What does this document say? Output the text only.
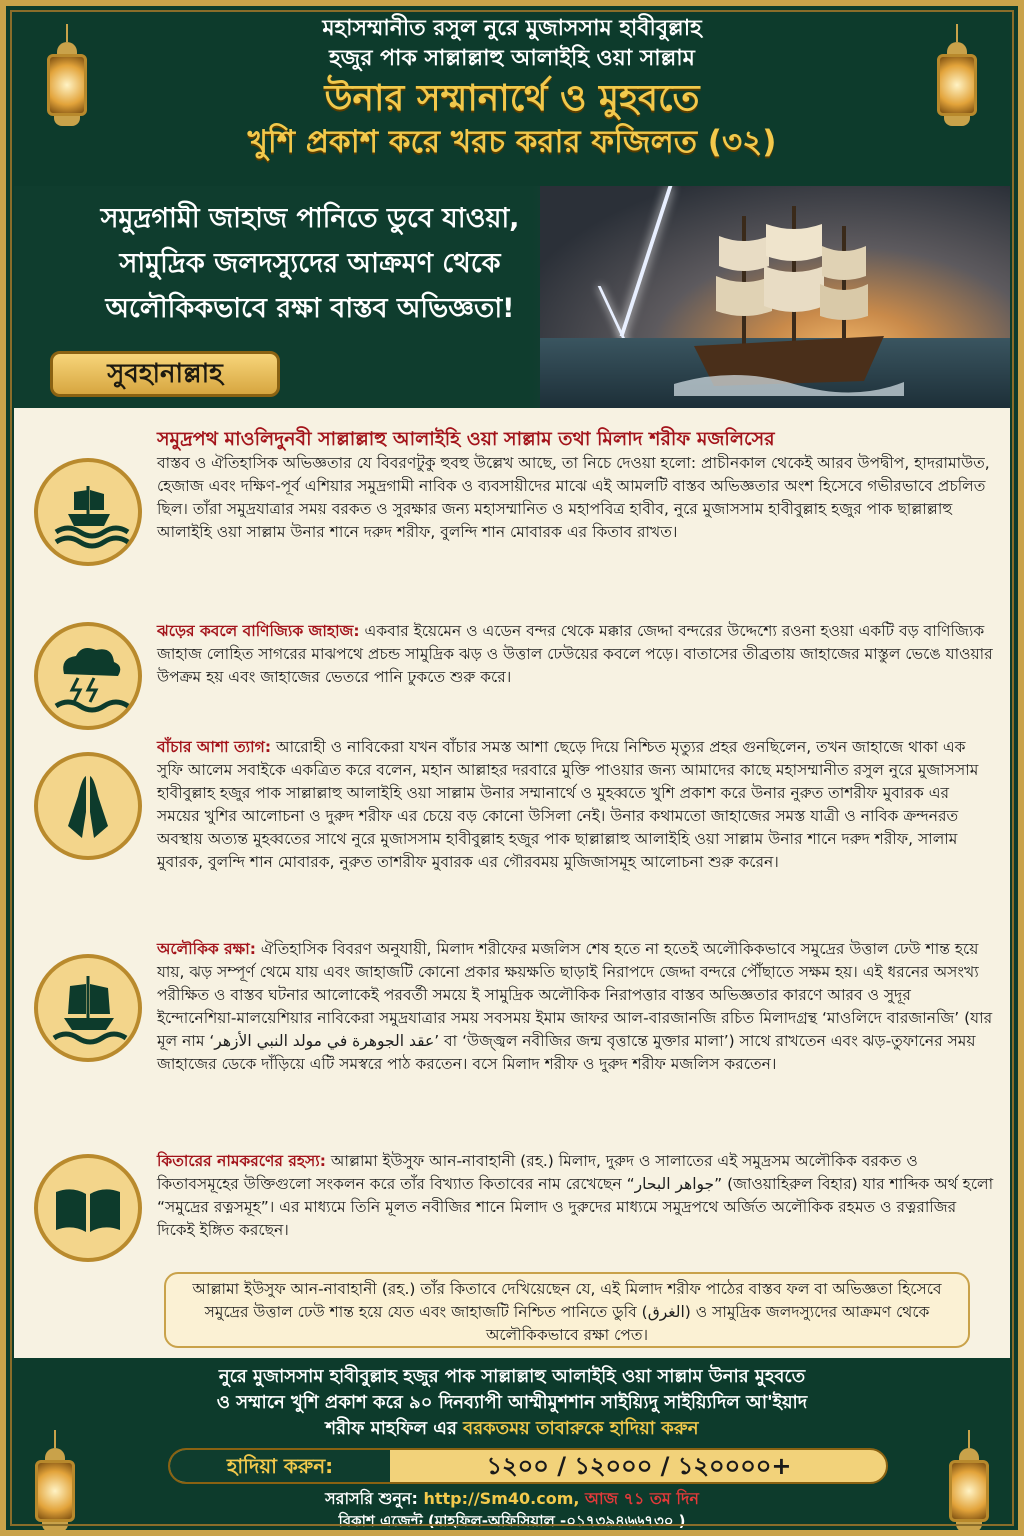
মহাসম্মানীত রসুল নুরে মুজাসসাম হাবীবুল্লাহ
হজুর পাক সাল্লাল্লাহু আলাইহি ওয়া সাল্লাম
উনার সম্মানার্থে ও মুহবতে
খুশি প্রকাশ করে খরচ করার ফজিলত (৩২)
সমুদ্রগামী জাহাজ পানিতে ডুবে যাওয়া,
সামুদ্রিক জলদস্যুদের আক্রমণ থেকে
অলৌকিকভাবে রক্ষা বাস্তব অভিজ্ঞতা!
সুবহানাল্লাহ
সমুদ্রপথ মাওলিদুনবী সাল্লাল্লাহু আলাইহি ওয়া সাল্লাম তথা মিলাদ শরীফ মজলিসের
বাস্তব ও ঐতিহাসিক অভিজ্ঞতার যে বিবরণটুকু হুবহু উল্লেখ আছে, তা নিচে দেওয়া হলো: প্রাচীনকাল থেকেই আরব উপদ্বীপ, হাদরামাউত, হেজাজ এবং দক্ষিণ-পূর্ব এশিয়ার সমুদ্রগামী নাবিক ও ব্যবসায়ীদের মাঝে এই আমলটি বাস্তব অভিজ্ঞতার অংশ হিসেবে গভীরভাবে প্রচলিত ছিল। তাঁরা সমুদ্রযাত্রার সময় বরকত ও সুরক্ষার জন্য মহাসম্মানিত ও মহাপবিত্র হাবীব, নুরে মুজাসসাম হাবীবুল্লাহ হজুর পাক ছাল্লাল্লাহু আলাইহি ওয়া সাল্লাম উনার শানে দরুদ শরীফ, বুলন্দি শান মোবারক এর কিতাব রাখত।
ঝড়ের কবলে বাণিজ্যিক জাহাজ: একবার ইয়েমেন ও এডেন বন্দর থেকে মক্কার জেদ্দা বন্দরের উদ্দেশ্যে রওনা হওয়া একটি বড় বাণিজ্যিক জাহাজ লোহিত সাগরের মাঝপথে প্রচন্ড সামুদ্রিক ঝড় ও উত্তাল ঢেউয়ের কবলে পড়ে। বাতাসের তীব্রতায় জাহাজের মাস্তুল ভেঙে যাওয়ার উপক্রম হয় এবং জাহাজের ভেতরে পানি ঢুকতে শুরু করে।
বাঁচার আশা ত্যাগ: আরোহী ও নাবিকেরা যখন বাঁচার সমস্ত আশা ছেড়ে দিয়ে নিশ্চিত মৃত্যুর প্রহর গুনছিলেন, তখন জাহাজে থাকা এক সুফি আলেম সবাইকে একত্রিত করে বলেন, মহান আল্লাহর দরবারে মুক্তি পাওয়ার জন্য আমাদের কাছে মহাসম্মানীত রসুল নুরে মুজাসসাম হাবীবুল্লাহ হজুর পাক সাল্লাল্লাহু আলাইহি ওয়া সাল্লাম উনার সম্মানার্থে ও মুহব্বতে খুশি প্রকাশ করে উনার নুরুত তাশরীফ মুবারক এর সময়ের খুশির আলোচনা ও দুরুদ শরীফ এর চেয়ে বড় কোনো উসিলা নেই। উনার কথামতো জাহাজের সমস্ত যাত্রী ও নাবিক ক্রন্দনরত অবস্থায় অত্যন্ত মুহব্বতের সাথে নুরে মুজাসসাম হাবীবুল্লাহ হজুর পাক ছাল্লাল্লাহু আলাইহি ওয়া সাল্লাম উনার শানে দরুদ শরীফ, সালাম মুবারক, বুলন্দি শান মোবারক, নুরুত তাশরীফ মুবারক এর গৌরবময় মুজিজাসমূহ আলোচনা শুরু করেন।
অলৌকিক রক্ষা: ঐতিহাসিক বিবরণ অনুযায়ী, মিলাদ শরীফের মজলিস শেষ হতে না হতেই অলৌকিকভাবে সমুদ্রের উত্তাল ঢেউ শান্ত হয়ে যায়, ঝড় সম্পূর্ণ থেমে যায় এবং জাহাজটি কোনো প্রকার ক্ষয়ক্ষতি ছাড়াই নিরাপদে জেদ্দা বন্দরে পৌঁছাতে সক্ষম হয়। এই ধরনের অসংখ্য পরীক্ষিত ও বাস্তব ঘটনার আলোকেই পরবর্তী সময়ে ই সামুদ্রিক অলৌকিক নিরাপত্তার বাস্তব অভিজ্ঞতার কারণে আরব ও সুদূর ইন্দোনেশিয়া-মালয়েশিয়ার নাবিকেরা সমুদ্রযাত্রার সময় সবসময় ইমাম জাফর আল-বারজানজি রচিত মিলাদগ্রন্থ ‘মাওলিদে বারজানজি’ (যার মূল নাম ‘عقد الجوهرة في مولد النبي الأزهر’ বা ‘উজ্জ্বল নবীজির জন্ম বৃত্তান্তে মুক্তার মালা’) সাথে রাখতেন এবং ঝড়-তুফানের সময় জাহাজের ডেকে দাঁড়িয়ে এটি সমস্বরে পাঠ করতেন। বসে মিলাদ শরীফ ও দুরুদ শরীফ মজলিস করতেন।
কিতারের নামকরণের রহস্য: আল্লামা ইউসুফ আন-নাবাহানী (রহ.) মিলাদ, দুরুদ ও সালাতের এই সমুদ্রসম অলৌকিক বরকত ও কিতাবসমূহের উক্তিগুলো সংকলন করে তাঁর বিখ্যাত কিতাবের নাম রেখেছেন “جواهر البحار” (জাওয়াহিরুল বিহার) যার শাব্দিক অর্থ হলো “সমুদ্রের রত্নসমূহ”। এর মাধ্যমে তিনি মূলত নবীজির শানে মিলাদ ও দুরুদের মাধ্যমে সমুদ্রপথে অর্জিত অলৌকিক রহমত ও রত্নরাজির দিকেই ইঙ্গিত করছেন।
আল্লামা ইউসুফ আন-নাবাহানী (রহ.) তাঁর কিতাবে দেখিয়েছেন যে, এই মিলাদ শরীফ পাঠের বাস্তব ফল বা অভিজ্ঞতা হিসেবে সমুদ্রের উত্তাল ঢেউ শান্ত হয়ে যেত এবং জাহাজটি নিশ্চিত পানিতে ডুবি (الغرق) ও সামুদ্রিক জলদস্যুদের আক্রমণ থেকে অলৌকিকভাবে রক্ষা পেত।
নুরে মুজাসসাম হাবীবুল্লাহ হজুর পাক সাল্লাল্লাহু আলাইহি ওয়া সাল্লাম উনার মুহবতে
ও সম্মানে খুশি প্রকাশ করে ৯০ দিনব্যাপী আম্মীমুশশান সাইয়্যিদু সাইয়্যিদিল আ'ইয়াদ
শরীফ মাহফিল এর বরকতময় তাবারুকে হাদিয়া করুন
হাদিয়া করুন:	১২০০ / ১২০০০ / ১২০০০০+
সরাসরি শুনুন: http://Sm40.com, আজ ৭১ তম দিন
বিকাশ এজেন্ট (মাহফিল-অফিসিয়াল -০১৭৩৯৪৬৬৭৩০ )
